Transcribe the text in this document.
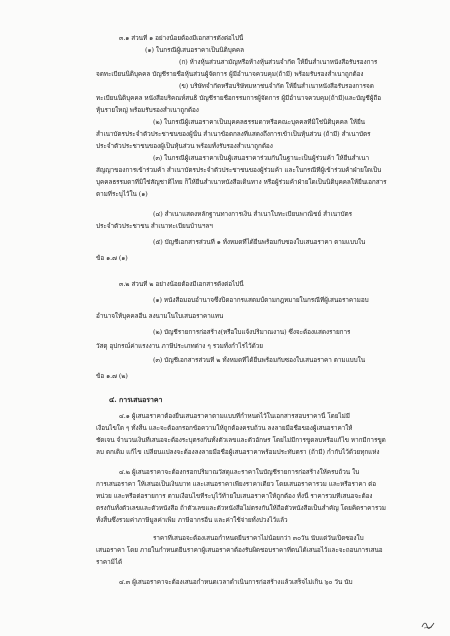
๓.๑ ส่วนที่ ๑ อย่างน้อยต้องมีเอกสารดังต่อไปนี้
(๑) ในกรณีผู้เสนอราคาเป็นนิติบุคคล
(ก) ห้างหุ้นส่วนสามัญหรือห้างหุ้นส่วนจำกัด ให้ยื่นสำเนาหนังสือรับรองการ
จดทะเบียนนิติบุคคล บัญชีรายชื่อหุ้นส่วนผู้จัดการ ผู้มีอำนาจควบคุม(ถ้ามี) พร้อมรับรองสำเนาถูกต้อง
(ข) บริษัทจำกัดหรือบริษัทมหาชนจำกัด ให้ยื่นสำเนาหนังสือรับรองการจด
ทะเบียนนิติบุคคล หนังสือบริคณห์สนธิ บัญชีรายชื่อกรรมการผู้จัดการ ผู้มีอำนาจควบคุม(ถ้ามี)และบัญชีผู้ถือ
หุ้นรายใหญ่ พร้อมรับรองสำเนาถูกต้อง
(๒) ในกรณีผู้เสนอราคาเป็นบุคคลธรรมดาหรือคณะบุคคลที่มิใช่นิติบุคคล ให้ยื่น
สำเนาบัตรประจำตัวประชาชนของผู้นั้น สำเนาข้อตกลงที่แสดงถึงการเข้าเป็นหุ้นส่วน (ถ้ามี) สำเนาบัตร
ประจำตัวประชาชนของผู้เป็นหุ้นส่วน พร้อมทั้งรับรองสำเนาถูกต้อง
(๓) ในกรณีผู้เสนอราคาเป็นผู้เสนอราคาร่วมกันในฐานะเป็นผู้ร่วมค้า ให้ยื่นสำเนา
สัญญาของการเข้าร่วมค้า สำเนาบัตรประจำตัวประชาชนของผู้ร่วมค้า และในกรณีที่ผู้เข้าร่วมค้าฝ่ายใดเป็น
บุคคลธรรมดาที่มิใช่สัญชาติไทย ก็ให้ยื่นสำเนาหนังสือเดินทาง หรือผู้ร่วมค้าฝ่ายใดเป็นนิติบุคคลให้ยื่นเอกสาร
ตามที่ระบุไว้ใน (๑)
(๔) สำเนาแสดงหลักฐานทางการเงิน สำเนาใบทะเบียนพาณิชย์ สำเนาบัตร
ประจำตัวประชาชน สำเนาทะเบียนบ้านฯลฯ
(๕) บัญชีเอกสารส่วนที่ ๑ ทั้งหมดที่ได้ยื่นพร้อมกับซองใบเสนอราคา ตามแบบใน
ข้อ ๑.๗ (๑)
๓.๒ ส่วนที่ ๒ อย่างน้อยต้องมีเอกสารดังต่อไปนี้
(๑) หนังสือมอบอำนาจซึ่งปิดอากรแสตมป์ตามกฎหมายในกรณีที่ผู้เสนอราคามอบ
อำนาจให้บุคคลอื่น ลงนามในใบเสนอราคาแทน
(๒) บัญชีรายการก่อสร้าง(หรือใบแจ้งปริมาณงาน) ซึ่งจะต้องแสดงรายการ
วัสดุ อุปกรณ์ค่าแรงงาน ภาษีประเภทต่าง ๆ รวมทั้งกำไรไว้ด้วย
(๓) บัญชีเอกสารส่วนที่ ๒ ทั้งหมดที่ได้ยื่นพร้อมกับซองใบเสนอราคา ตามแบบใน
ข้อ ๑.๗ (๒)
๔. การเสนอราคา
๔.๑ ผู้เสนอราคาต้องยื่นเสนอราคาตามแบบที่กำหนดไว้ในเอกสารสอบราคานี้ โดยไม่มี
เงื่อนไขใด ๆ ทั้งสิ้น และจะต้องกรอกข้อความให้ถูกต้องครบถ้วน ลงลายมือชื่อของผู้เสนอราคาให้
ชัดเจน จำนวนเงินที่เสนอจะต้องระบุตรงกันทั้งตัวเลขและตัวอักษร โดยไม่มีการขูดลบหรือแก้ไข หากมีการขูด
ลบ ตกเติม แก้ไข เปลี่ยนแปลงจะต้องลงลายมือชื่อผู้เสนอราคาพร้อมประทับตรา (ถ้ามี) กำกับไว้ด้วยทุกแห่ง
๔.๒ ผู้เสนอราคาจะต้องกรอกปริมาณวัสดุและราคาในบัญชีรายการก่อสร้างให้ครบถ้วน ใน
การเสนอราคา ให้เสนอเป็นเงินบาท และเสนอราคาเพียงราคาเดียว โดยเสนอราคารวม และหรือราคา ต่อ
หน่วย และหรือต่อรายการ ตามเงื่อนไขที่ระบุไว้ท้ายใบเสนอราคาให้ถูกต้อง ทั้งนี้ ราคารวมที่เสนอจะต้อง
ตรงกันทั้งตัวเลขและตัวหนังสือ ถ้าตัวเลขและตัวหนังสือไม่ตรงกันให้ถือตัวหนังสือเป็นสำคัญ โดยคิดราคารวม
ทั้งสิ้นซึ่งรวมค่าภาษีมูลค่าเพิ่ม ภาษีอากรอื่น และค่าใช้จ่ายทั้งปวงไว้แล้ว
ราคาที่เสนอจะต้องเสนอกำหนดยืนราคาไม่น้อยกว่า ๓๐วัน นับแต่วันเปิดซองใบ
เสนอราคา โดย ภายในกำหนดยืนราคาผู้เสนอราคาต้องรับผิดชอบราคาที่ตนได้เสนอไว้และจะถอนการเสนอ
ราคามิได้
๔.๓ ผู้เสนอราคาจะต้องเสนอกำหนดเวลาดำเนินการก่อสร้างแล้วเสร็จไม่เกิน ๖๐ วัน นับ
